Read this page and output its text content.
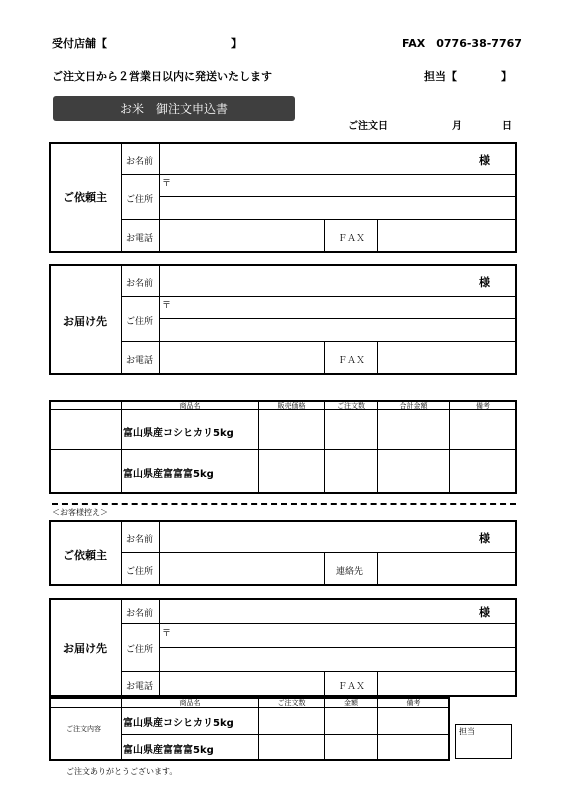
受付店舗【	】	FAX　0776-38-7767
ご注文日から２営業日以内に発送いたします	担当【	】
お米　御注文申込書
ご注文日	月	日
ご依頼主
お名前	様
〒
ご住所
お電話	ＦＡＸ
お届け先
お名前	様
〒
ご住所
お電話	ＦＡＸ
商品名	販売価格	ご注文数	合計金額	備考
富山県産コシヒカリ5kg
富山県産富富富5kg
＜お客様控え＞
ご依頼主
お名前	様
ご住所	連絡先
お届け先
お名前	様
〒
ご住所
お電話	ＦＡＸ
商品名	ご注文数	金額	備考
ご注文内容 富山県産コシヒカリ5kg
富山県産富富富5kg
担当
ご注文ありがとうございます。
